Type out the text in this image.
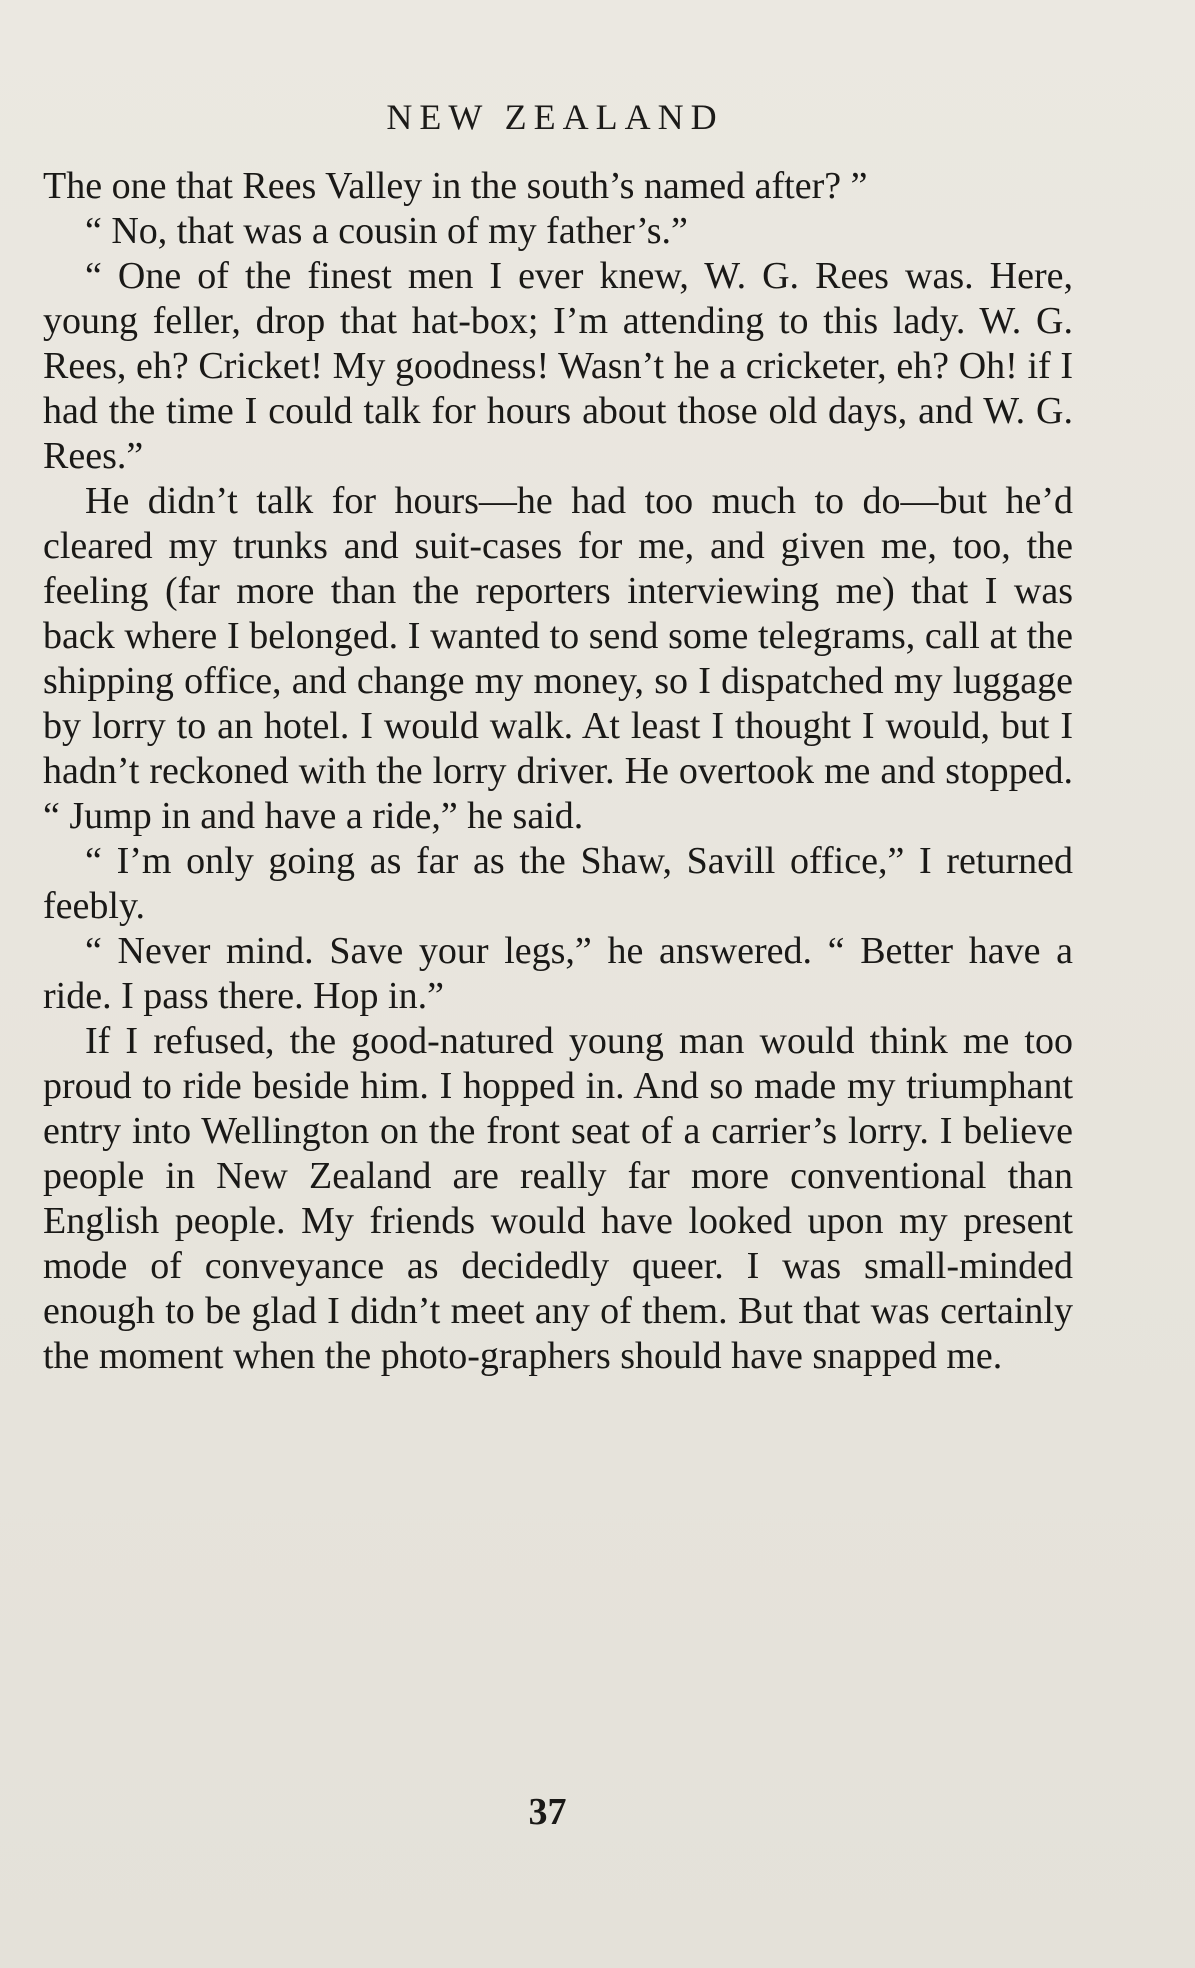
NEW ZEALAND

The one that Rees Valley in the south’s named after? ”

“ No, that was a cousin of my father’s.”

“ One of the finest men I ever knew, W. G. Rees was. Here, young feller, drop that hat-box; I’m attending to this lady. W. G. Rees, eh? Cricket! My goodness! Wasn’t he a cricketer, eh? Oh! if I had the time I could talk for hours about those old days, and W. G. Rees.”

He didn’t talk for hours—he had too much to do—but he’d cleared my trunks and suit-cases for me, and given me, too, the feeling (far more than the reporters interviewing me) that I was back where I belonged. I wanted to send some telegrams, call at the shipping office, and change my money, so I dispatched my luggage by lorry to an hotel. I would walk. At least I thought I would, but I hadn’t reckoned with the lorry driver. He overtook me and stopped. “ Jump in and have a ride,” he said.

“ I’m only going as far as the Shaw, Savill office,” I returned feebly.

“ Never mind. Save your legs,” he answered. “ Better have a ride. I pass there. Hop in.”

If I refused, the good-natured young man would think me too proud to ride beside him. I hopped in. And so made my triumphant entry into Wellington on the front seat of a carrier’s lorry. I believe people in New Zealand are really far more conventional than English people. My friends would have looked upon my present mode of conveyance as decidedly queer. I was small-minded enough to be glad I didn’t meet any of them. But that was certainly the moment when the photo-graphers should have snapped me.

37
